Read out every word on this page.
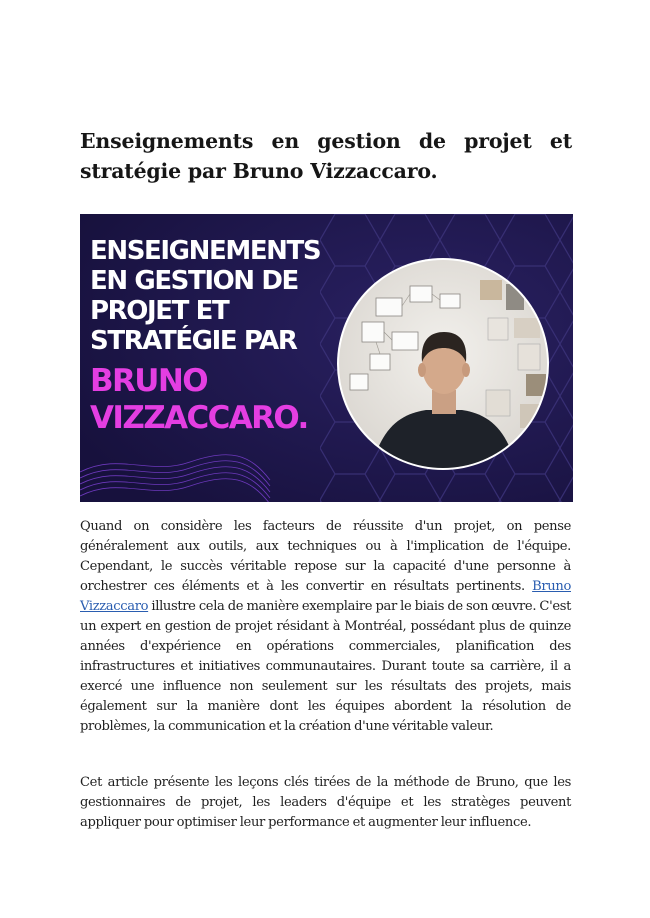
Enseignements en gestion de projet et stratégie par Bruno Vizzaccaro.
ENSEIGNEMENTS
EN GESTION DE
PROJET ET
STRATÉGIE PAR
BRUNO
VIZZACCARO.

Quand on considère les facteurs de réussite d'un projet, on pense généralement aux outils, aux techniques ou à l'implication de l'équipe. Cependant, le succès véritable repose sur la capacité d'une personne à orchestrer ces éléments et à les convertir en résultats pertinents. Bruno Vizzaccaro illustre cela de manière exemplaire par le biais de son œuvre. C'est un expert en gestion de projet résidant à Montréal, possédant plus de quinze années d'expérience en opérations commerciales, planification des infrastructures et initiatives communautaires. Durant toute sa carrière, il a exercé une influence non seulement sur les résultats des projets, mais également sur la manière dont les équipes abordent la résolution de problèmes, la communication et la création d'une véritable valeur.

Cet article présente les leçons clés tirées de la méthode de Bruno, que les gestionnaires de projet, les leaders d'équipe et les stratèges peuvent appliquer pour optimiser leur performance et augmenter leur influence.
